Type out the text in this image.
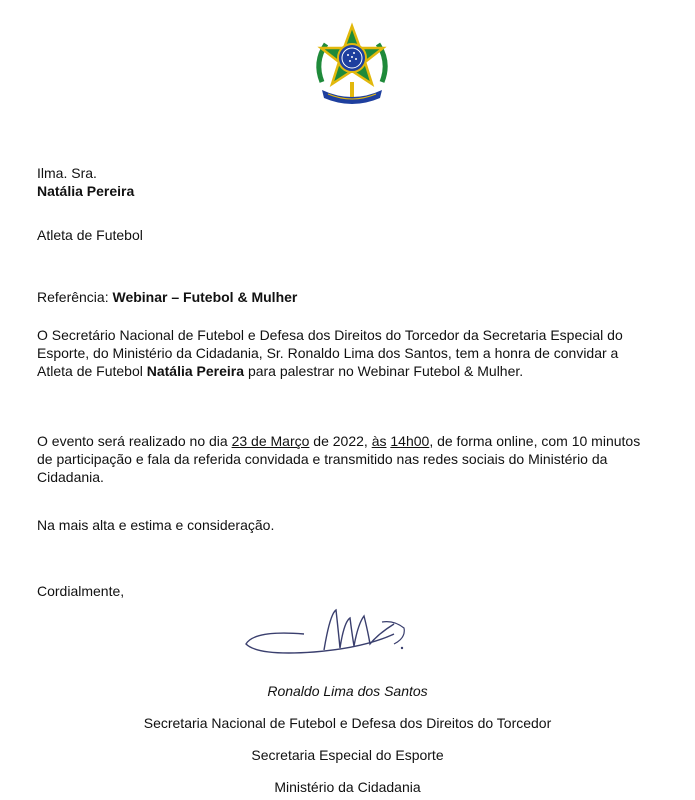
Ilma. Sra.

Natália Pereira

Atleta de Futebol

Referência: Webinar – Futebol & Mulher

O Secretário Nacional de Futebol e Defesa dos Direitos do Torcedor da Secretaria Especial do Esporte, do Ministério da Cidadania, Sr. Ronaldo Lima dos Santos, tem a honra de convidar a Atleta de Futebol Natália Pereira para palestrar no Webinar Futebol & Mulher.

O evento será realizado no dia 23 de Março de 2022, às 14h00, de forma online, com 10 minutos de participação e fala da referida convidada e transmitido nas redes sociais do Ministério da Cidadania.

Na mais alta e estima e consideração.

Cordialmente,

Ronaldo Lima dos Santos

Secretaria Nacional de Futebol e Defesa dos Direitos do Torcedor

Secretaria Especial do Esporte

Ministério da Cidadania
